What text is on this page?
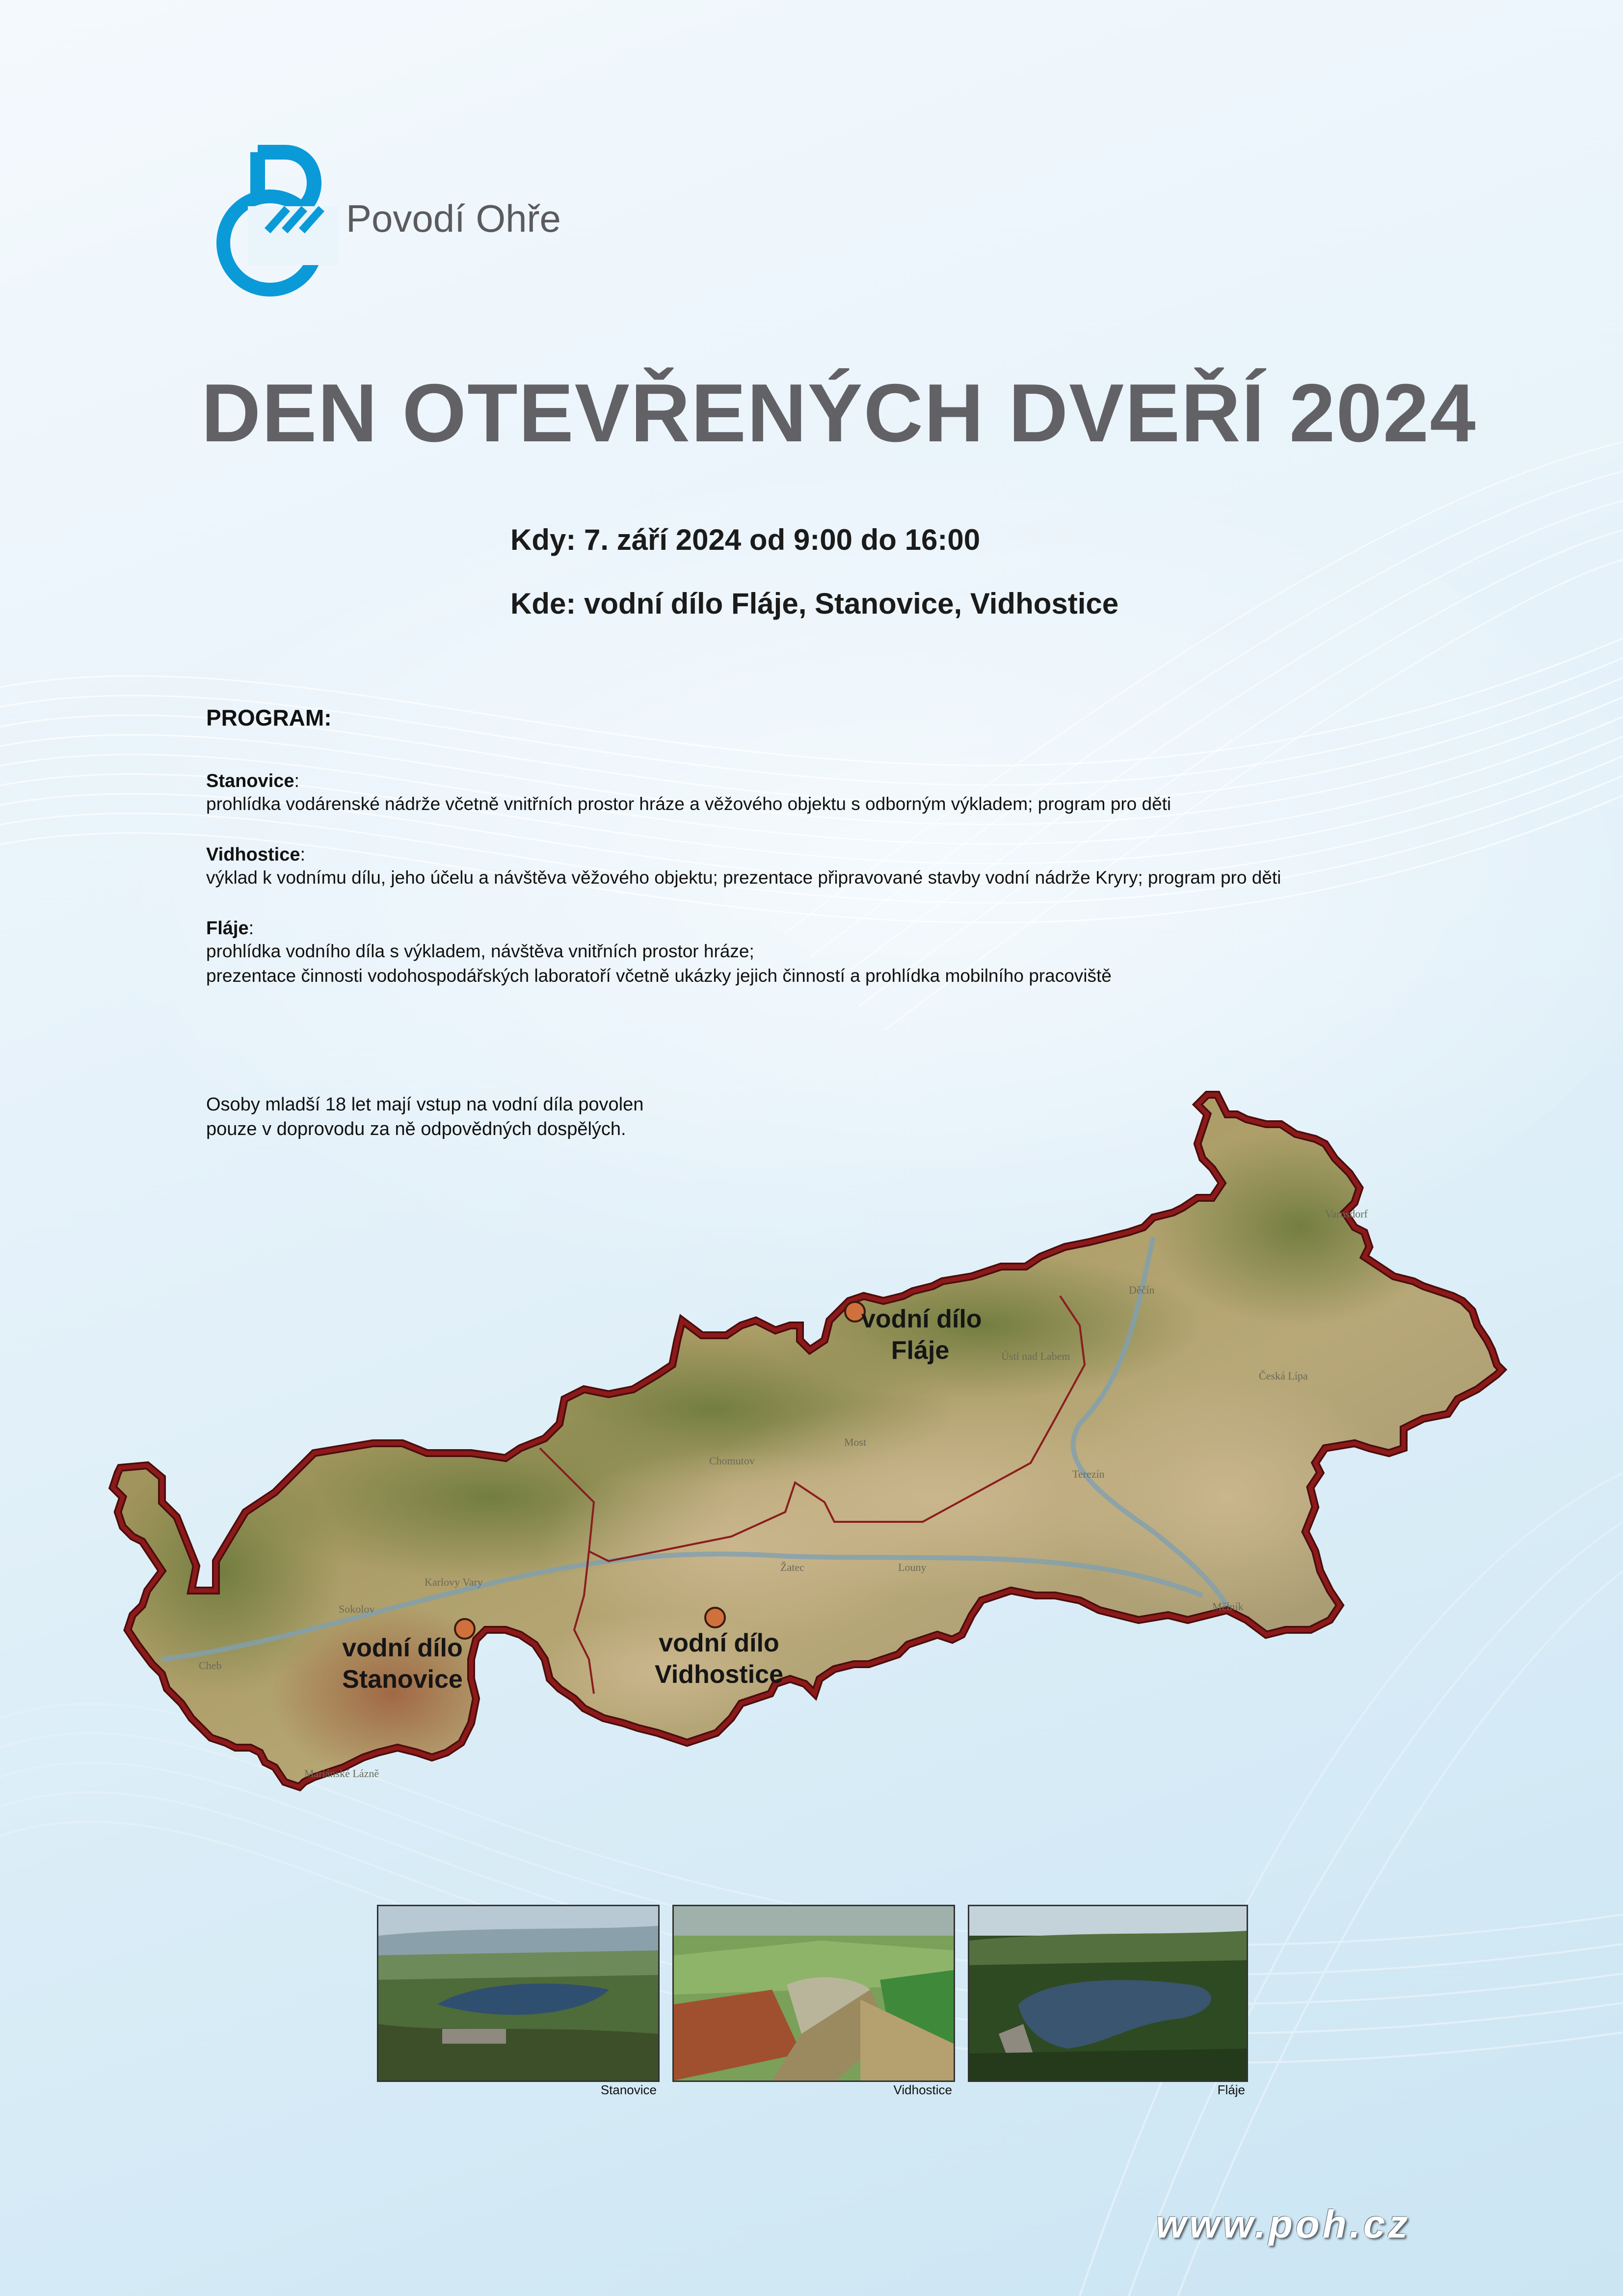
Povodí Ohře
DEN OTEVŘENÝCH DVEŘÍ 2024
Kdy: 7. září 2024 od 9:00 do 16:00
Kde: vodní dílo Fláje, Stanovice, Vidhostice
PROGRAM:
Stanovice:
prohlídka vodárenské nádrže včetně vnitřních prostor hráze a věžového objektu s odborným výkladem; program pro děti
Vidhostice:
výklad k vodnímu dílu, jeho účelu a návštěva věžového objektu; prezentace připravované stavby vodní nádrže Kryry; program pro děti
Fláje:
prohlídka vodního díla s výkladem, návštěva vnitřních prostor hráze;
prezentace činnosti vodohospodářských laboratoří včetně ukázky jejich činností a prohlídka mobilního pracoviště
Osoby mladší 18 let mají vstup na vodní díla povolen
pouze v doprovodu za ně odpovědných dospělých.
Varnsdorf
Děčín
Ústí nad Labem
Česká Lípa
Most
Chomutov
Terezín
Žatec	Louny
Mělník
Karlovy Vary
Sokolov
Cheb
Mariánské Lázně
vodní dílo
Fláje
vodní dílo
Stanovice
vodní dílo
Vidhostice
Stanovice	Vidhostice	Fláje
www.poh.cz
